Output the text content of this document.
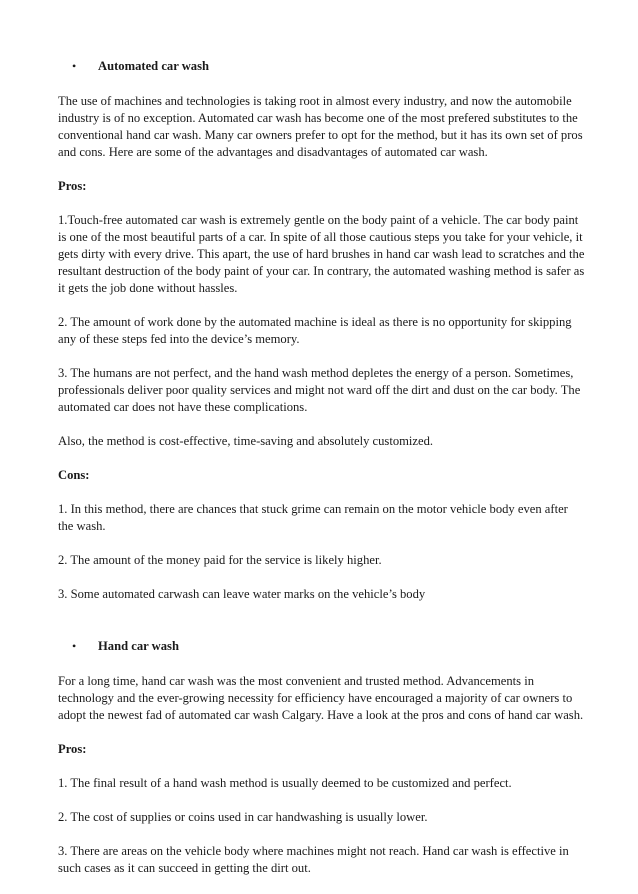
•	Automated car wash

The use of machines and technologies is taking root in almost every industry, and now the automobile industry is of no exception. Automated car wash has become one of the most prefered substitutes to the conventional hand car wash. Many car owners prefer to opt for the method, but it has its own set of pros and cons. Here are some of the advantages and disadvantages of automated car wash.

Pros:

1.Touch-free automated car wash is extremely gentle on the body paint of a vehicle. The car body paint is one of the most beautiful parts of a car. In spite of all those cautious steps you take for your vehicle, it gets dirty with every drive. This apart, the use of hard brushes in hand car wash lead to scratches and the resultant destruction of the body paint of your car. In contrary, the automated washing method is safer as it gets the job done without hassles.

2. The amount of work done by the automated machine is ideal as there is no opportunity for skipping any of these steps fed into the device’s memory.

3. The humans are not perfect, and the hand wash method depletes the energy of a person. Sometimes, professionals deliver poor quality services and might not ward off the dirt and dust on the car body. The automated car does not have these complications.

Also, the method is cost-effective, time-saving and absolutely customized.

Cons:

1. In this method, there are chances that stuck grime can remain on the motor vehicle body even after the wash.

2. The amount of the money paid for the service is likely higher.

3. Some automated carwash can leave water marks on the vehicle’s body

•	Hand car wash

For a long time, hand car wash was the most convenient and trusted method. Advancements in technology and the ever-growing necessity for efficiency have encouraged a majority of car owners to adopt the newest fad of automated car wash Calgary. Have a look at the pros and cons of hand car wash.

Pros:

1. The final result of a hand wash method is usually deemed to be customized and perfect.

2. The cost of supplies or coins used in car handwashing is usually lower.

3. There are areas on the vehicle body where machines might not reach. Hand car wash is effective in such cases as it can succeed in getting the dirt out.
